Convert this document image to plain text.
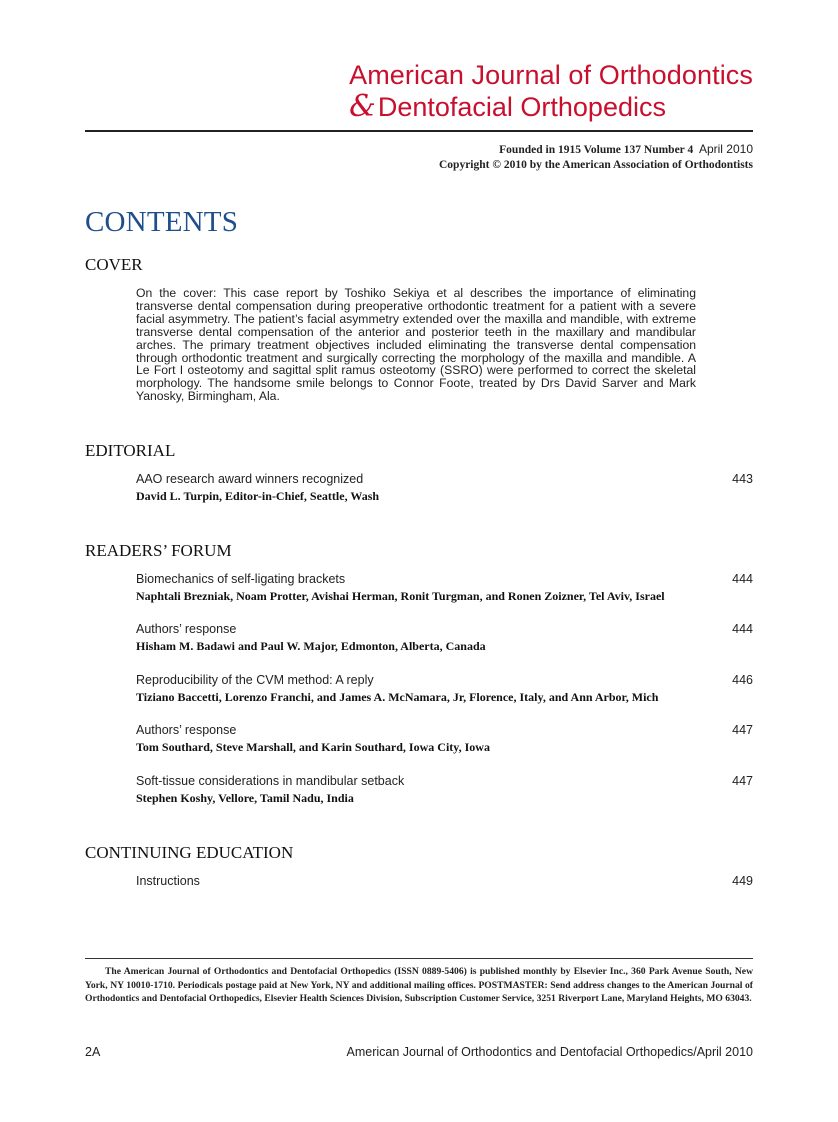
American Journal of Orthodontics
&Dentofacial Orthopedics
Founded in 1915 Volume 137 Number 4 April 2010
Copyright © 2010 by the American Association of Orthodontists
CONTENTS
COVER
On the cover: This case report by Toshiko Sekiya et al describes the importance of eliminating transverse dental compensation during preoperative orthodontic treatment for a patient with a severe facial asymmetry. The patient’s facial asymmetry extended over the maxilla and mandible, with extreme transverse dental compensation of the anterior and posterior teeth in the maxillary and mandibular arches. The primary treatment objectives included eliminating the transverse dental compensation through orthodontic treatment and surgically correcting the morphology of the maxilla and mandible. A Le Fort I osteotomy and sagittal split ramus osteotomy (SSRO) were performed to correct the skeletal morphology. The handsome smile belongs to Connor Foote, treated by Drs David Sarver and Mark Yanosky, Birmingham, Ala.
EDITORIAL
AAO research award winners recognized
David L. Turpin, Editor-in-Chief, Seattle, Wash
443
READERS’ FORUM
Biomechanics of self-ligating brackets
Naphtali Brezniak, Noam Protter, Avishai Herman, Ronit Turgman, and Ronen Zoizner, Tel Aviv, Israel
444
Authors’ response
Hisham M. Badawi and Paul W. Major, Edmonton, Alberta, Canada
444
Reproducibility of the CVM method: A reply
Tiziano Baccetti, Lorenzo Franchi, and James A. McNamara, Jr, Florence, Italy, and Ann Arbor, Mich
446
Authors’ response
Tom Southard, Steve Marshall, and Karin Southard, Iowa City, Iowa
447
Soft-tissue considerations in mandibular setback
Stephen Koshy, Vellore, Tamil Nadu, India
447
CONTINUING EDUCATION
Instructions	449
The American Journal of Orthodontics and Dentofacial Orthopedics (ISSN 0889-5406) is published monthly by Elsevier Inc., 360 Park Avenue South, New York, NY 10010-1710. Periodicals postage paid at New York, NY and additional mailing offices. POSTMASTER: Send address changes to the American Journal of Orthodontics and Dentofacial Orthopedics, Elsevier Health Sciences Division, Subscription Customer Service, 3251 Riverport Lane, Maryland Heights, MO 63043.
2A	American Journal of Orthodontics and Dentofacial Orthopedics/April 2010
